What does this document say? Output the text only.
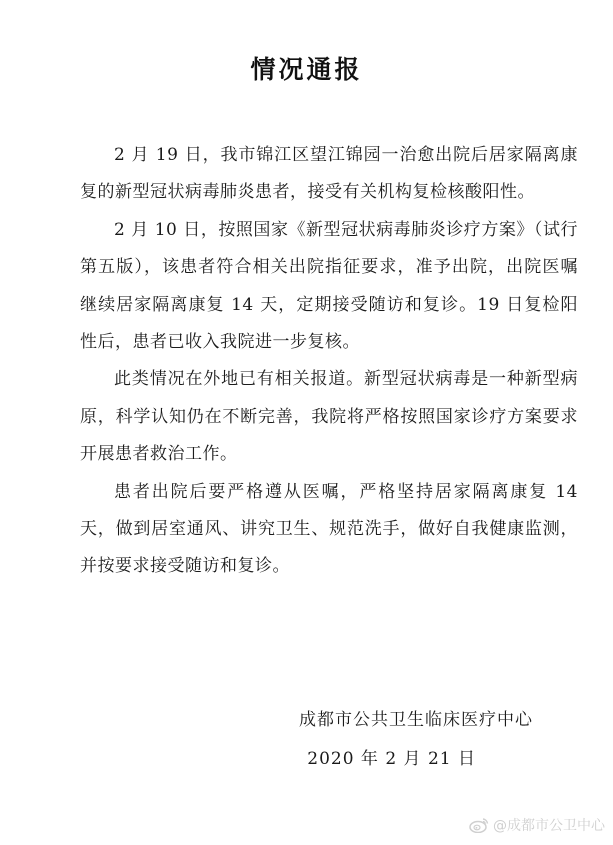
情况通报

2 月 19 日，我市锦江区望江锦园一治愈出院后居家隔离康复的新型冠状病毒肺炎患者，接受有关机构复检核酸阳性。

2 月 10 日，按照国家《新型冠状病毒肺炎诊疗方案》（试行第五版），该患者符合相关出院指征要求，准予出院，出院医嘱继续居家隔离康复 14 天，定期接受随访和复诊。19 日复检阳性后，患者已收入我院进一步复核。

此类情况在外地已有相关报道。新型冠状病毒是一种新型病原，科学认知仍在不断完善，我院将严格按照国家诊疗方案要求开展患者救治工作。

患者出院后要严格遵从医嘱，严格坚持居家隔离康复 14 天，做到居室通风、讲究卫生、规范洗手，做好自我健康监测，并按要求接受随访和复诊。

成都市公共卫生临床医疗中心
2020 年 2 月 21 日
@成都市公卫中心
